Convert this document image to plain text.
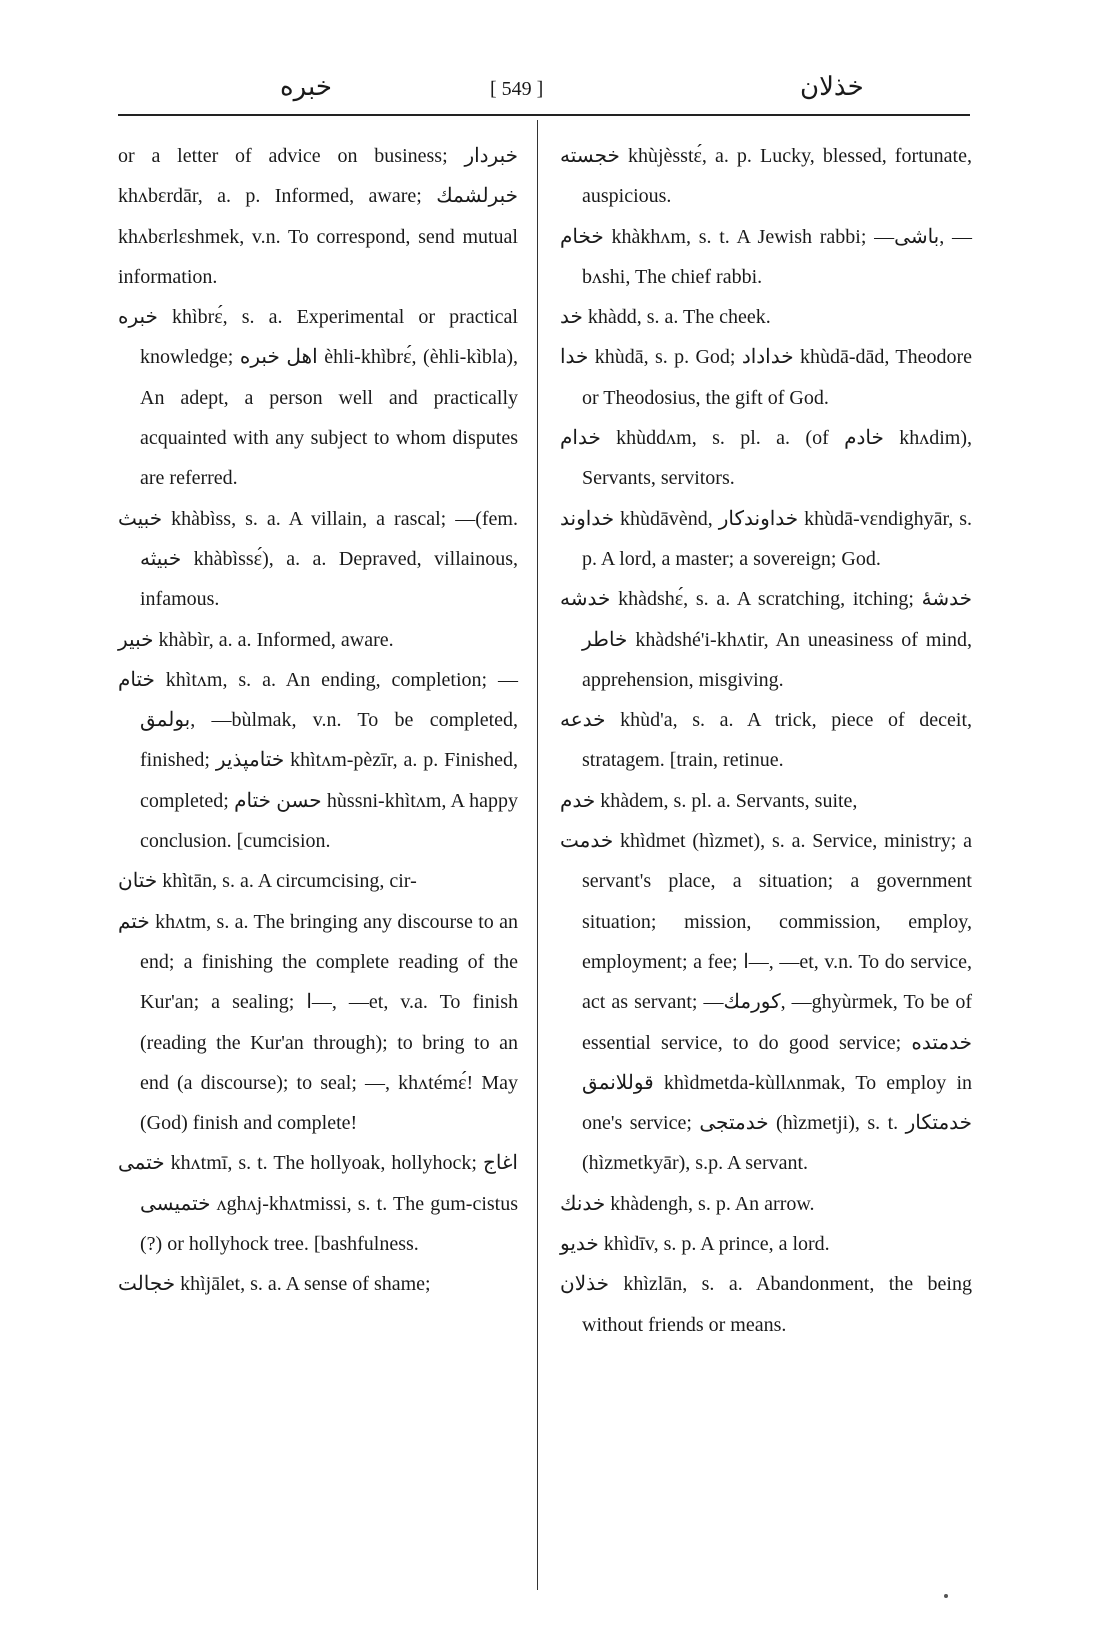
خبره	[ 549 ]	خذلان

or a letter of advice on business; خبردار khʌbɛrdār, a. p. Informed, aware; خبرلشمك khʌbɛrlɛshmek, v.n. To correspond, send mutual information.

خبره khìbrɛ́, s. a. Experimental or practical knowledge; اهل خبره èhli-khìbrɛ́, (èhli-kìbla), An adept, a person well and practically acquainted with any subject to whom disputes are referred.

خبيث khàbìss, s. a. A villain, a rascal; —(fem. خبيثه khàbìssɛ́), a. a. Depraved, villainous, infamous.

خبير khàbìr, a. a. Informed, aware.

ختام khìtʌm, s. a. An ending, completion; —بولمق, —bùlmak, v.n. To be completed, finished; ختامپذير khìtʌm-pèzīr, a. p. Finished, completed; حسن ختام hùssni-khìtʌm, A happy conclusion. [cumcision.

ختان khìtān, s. a. A circumcising, cir-

ختم khʌtm, s. a. The bringing any discourse to an end; a finishing the complete reading of the Kur'an; a sealing; ا—, —et, v.a. To finish (reading the Kur'an through); to bring to an end (a discourse); to seal; —, khʌtémɛ́! May (God) finish and complete!

ختمى khʌtmī, s. t. The hollyoak, hollyhock; اغاج ختميسى ʌghʌj-khʌtmissi, s. t. The gum-cistus (?) or hollyhock tree. [bashfulness.

خجالت khìjālet, s. a. A sense of shame;

خجسته khùjèsstɛ́, a. p. Lucky, blessed, fortunate, auspicious.

خخام khàkhʌm, s. t. A Jewish rabbi; —باشى, —bʌshi, The chief rabbi.

خد khàdd, s. a. The cheek.

خدا khùdā, s. p. God; خداداد khùdā-dād, Theodore or Theodosius, the gift of God.

خدام khùddʌm, s. pl. a. (of خادم khʌdim), Servants, servitors.

خداوند khùdāvènd, خداوندكار khùdā-vɛndighyār, s. p. A lord, a master; a sovereign; God.

خدشه khàdshɛ́, s. a. A scratching, itching; خدشهٔ خاطر khàdshé'i-khʌtir, An uneasiness of mind, apprehension, misgiving.

خدعه khùd'a, s. a. A trick, piece of deceit, stratagem. [train, retinue.

خدم khàdem, s. pl. a. Servants, suite,

خدمت khìdmet (hìzmet), s. a. Service, ministry; a servant's place, a situation; a government situation; mission, commission, employ, employment; a fee; ا—, —et, v.n. To do service, act as servant; —كورمك, —ghyùrmek, To be of essential service, to do good service; خدمتده قوللانمق khìdmetda-kùllʌnmak, To employ in one's service; خدمتجى (hìzmetji), s. t. خدمتكار (hìzmetkyār), s.p. A servant.

خدنك khàdengh, s. p. An arrow.

خديو khìdīv, s. p. A prince, a lord.

خذلان khìzlān, s. a. Abandonment, the being without friends or means.
